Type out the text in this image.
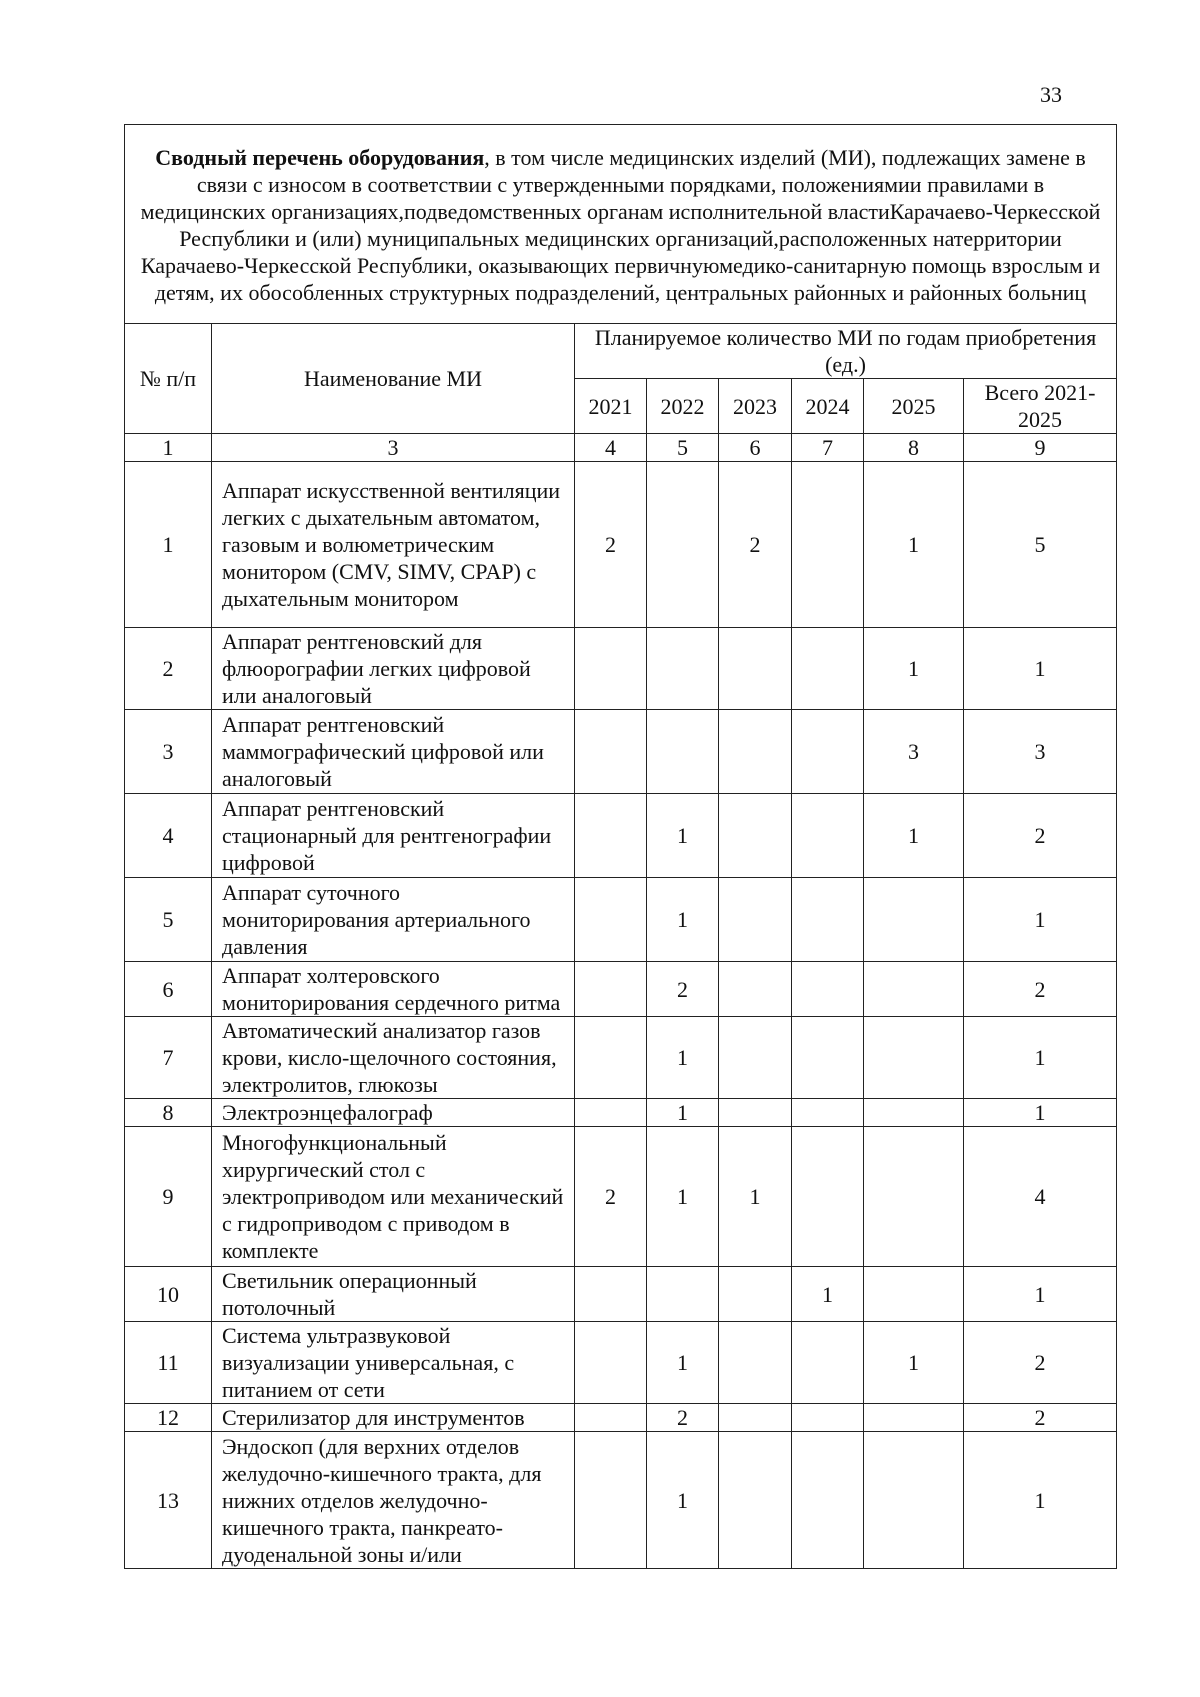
33
Сводный перечень оборудования, в том числе медицинских изделий (МИ), подлежащих замене в связи с износом в соответствии с утвержденными порядками, положениямии правилами в медицинских организациях,подведомственных органам исполнительной властиКарачаево-Черкесской Республики и (или) муниципальных медицинских организаций,расположенных натерритории Карачаево-Черкесской Республики, оказывающих первичнуюмедико-санитарную помощь взрослым и детям, их обособленных структурных подразделений, центральных районных и районных больниц							
№ п/п	Наименование МИ	Планируемое количество МИ по годам приобретения (ед.)					
		2021	2022	2023	2024	2025	Всего 2021-2025
1	3	4	5	6	7	8	9
1	Аппарат искусственной вентиляции легких с дыхательным автоматом, газовым и волюметрическим монитором (CMV, SIMV, CPAP) с дыхательным монитором	2		2		1	5
2	Аппарат рентгеновский для флюорографии легких цифровой или аналоговый					1	1
3	Аппарат рентгеновский маммографический цифровой или аналоговый					3	3
4	Аппарат рентгеновский стационарный для рентгенографии цифровой		1			1	2
5	Аппарат суточного мониторирования артериального давления		1				1
6	Аппарат холтеровского мониторирования сердечного ритма		2				2
7	Автоматический анализатор газов крови, кисло-щелочного состояния, электролитов, глюкозы		1				1
8	Электроэнцефалограф		1				1
9	Многофункциональный хирургический стол с электроприводом или механический с гидроприводом с приводом в комплекте	2	1	1			4
10	Светильник операционный потолочный				1		1
11	Система ультразвуковой визуализации универсальная, с питанием от сети		1			1	2
12	Стерилизатор для инструментов		2				2
13	Эндоскоп (для верхних отделов желудочно-кишечного тракта, для нижних отделов желудочно-кишечного тракта, панкреато-дуоденальной зоны и/или		1				1
